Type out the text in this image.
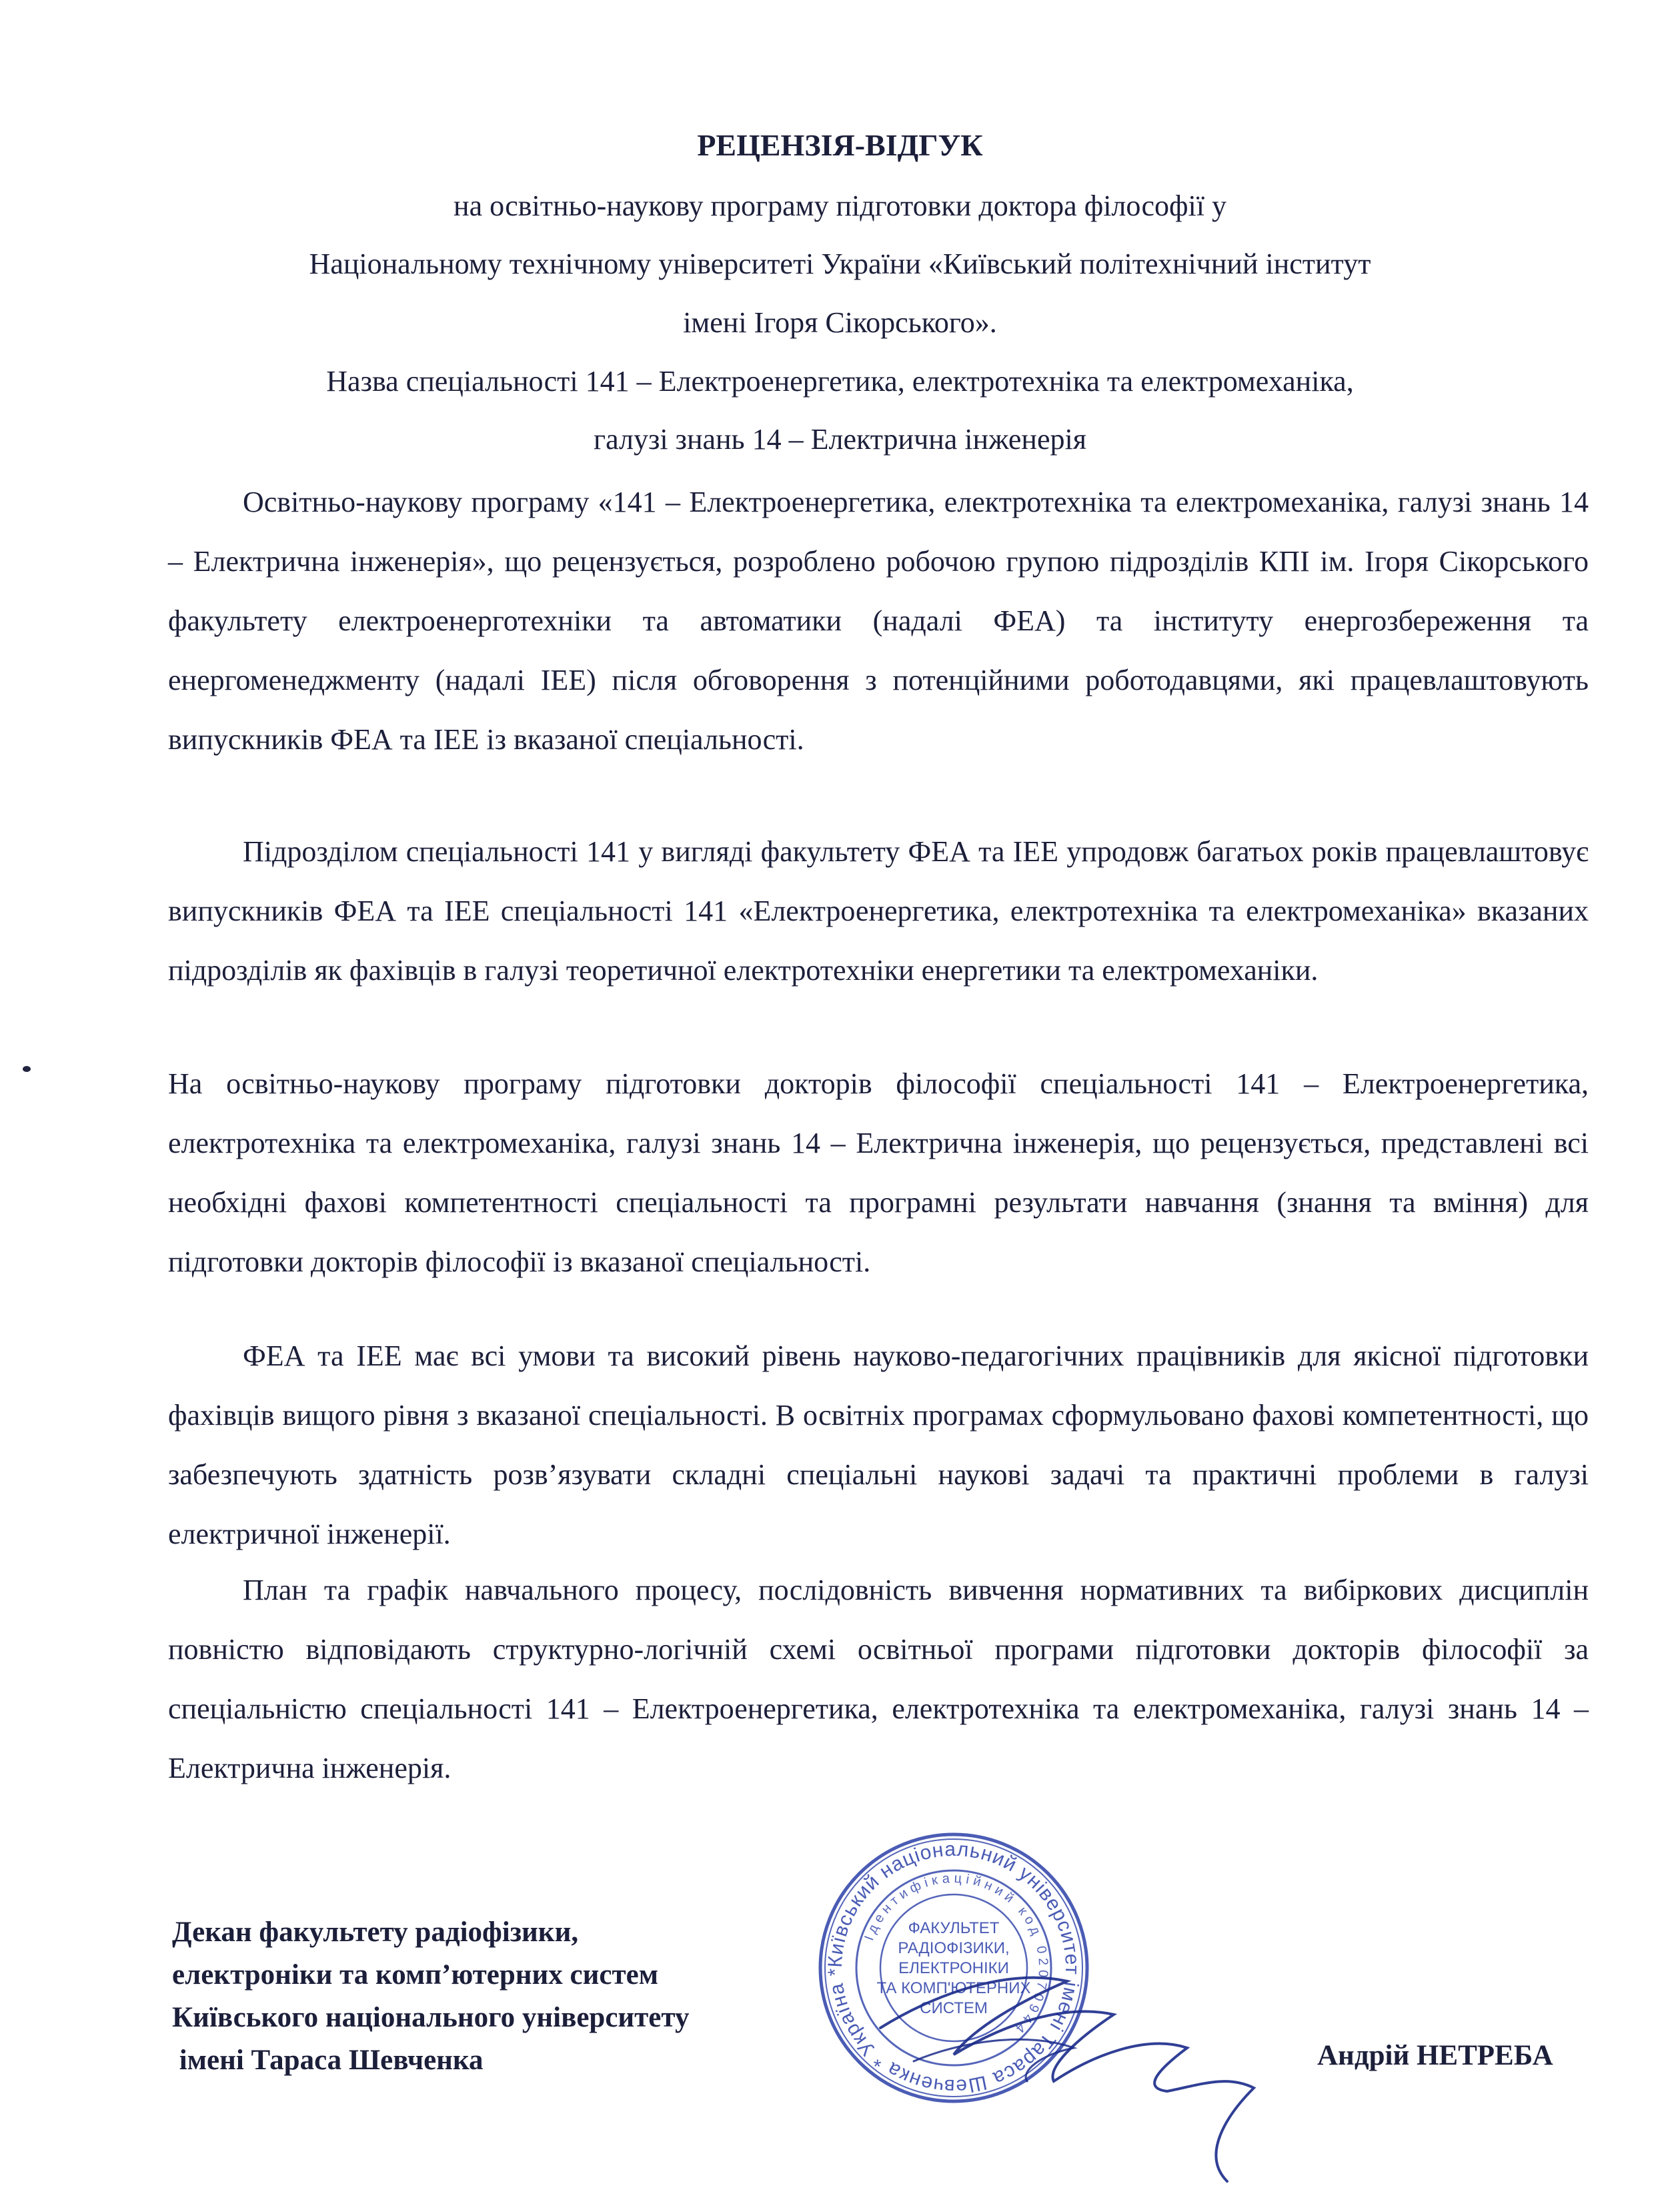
РЕЦЕНЗІЯ-ВІДГУК
на освітньо-наукову програму підготовки доктора філософії у
Національному технічному університеті України «Київський політехнічний інститут
імені Ігоря Сікорського».
Назва спеціальності 141 – Електроенергетика, електротехніка та електромеханіка,
галузі знань 14 – Електрична інженерія

Освітньо-наукову програму «141 – Електроенергетика, електротехніка та електромеханіка, галузі знань 14 – Електрична інженерія», що рецензується, розроблено робочою групою підрозділів КПІ ім. Ігоря Сікорського факультету електроенерготехніки та автоматики (надалі ФЕА) та інституту енергозбереження та енергоменеджменту (надалі ІЕЕ) після обговорення з потенційними роботодавцями, які працевлаштовують випускників ФЕА та ІЕЕ із вказаної спеціальності.

Підрозділом спеціальності 141 у вигляді факультету ФЕА та ІЕЕ упродовж багатьох років працевлаштовує випускників ФЕА та ІЕЕ спеціальності 141 «Електроенергетика, електротехніка та електромеханіка» вказаних підрозділів як фахівців в галузі теоретичної електротехніки енергетики та електромеханіки.

На освітньо-наукову програму підготовки докторів філософії спеціальності 141 – Електроенергетика, електротехніка та електромеханіка, галузі знань 14 – Електрична інженерія, що рецензується, представлені всі необхідні фахові компетентності спеціальності та програмні результати навчання (знання та вміння) для підготовки докторів філософії із вказаної спеціальності.

ФЕА та ІЕЕ має всі умови та високий рівень науково-педагогічних працівників для якісної підготовки фахівців вищого рівня з вказаної спеціальності. В освітніх програмах сформульовано фахові компетентності, що забезпечують здатність розв’язувати складні спеціальні наукові задачі та практичні проблеми в галузі електричної інженерії.

План та графік навчального процесу, послідовність вивчення нормативних та вибіркових дисциплін повністю відповідають структурно-логічній схемі освітньої програми підготовки докторів філософії за спеціальністю спеціальності 141 – Електроенергетика, електротехніка та електромеханіка, галузі знань 14 – Електрична інженерія.

Декан факультету радіофізики,
електроніки та комп’ютерних систем
Київського національного університету
імені Тараса Шевченка	Андрій НЕТРЕБА
Київський національний університет імені Тараса Шевченка * Україна *
Ідентифікаційний код 02070944
ФАКУЛЬТЕТ
РАДІОФІЗИКИ,
ЕЛЕКТРОНІКИ
ТА КОМП'ЮТЕРНИХ
СИСТЕМ
